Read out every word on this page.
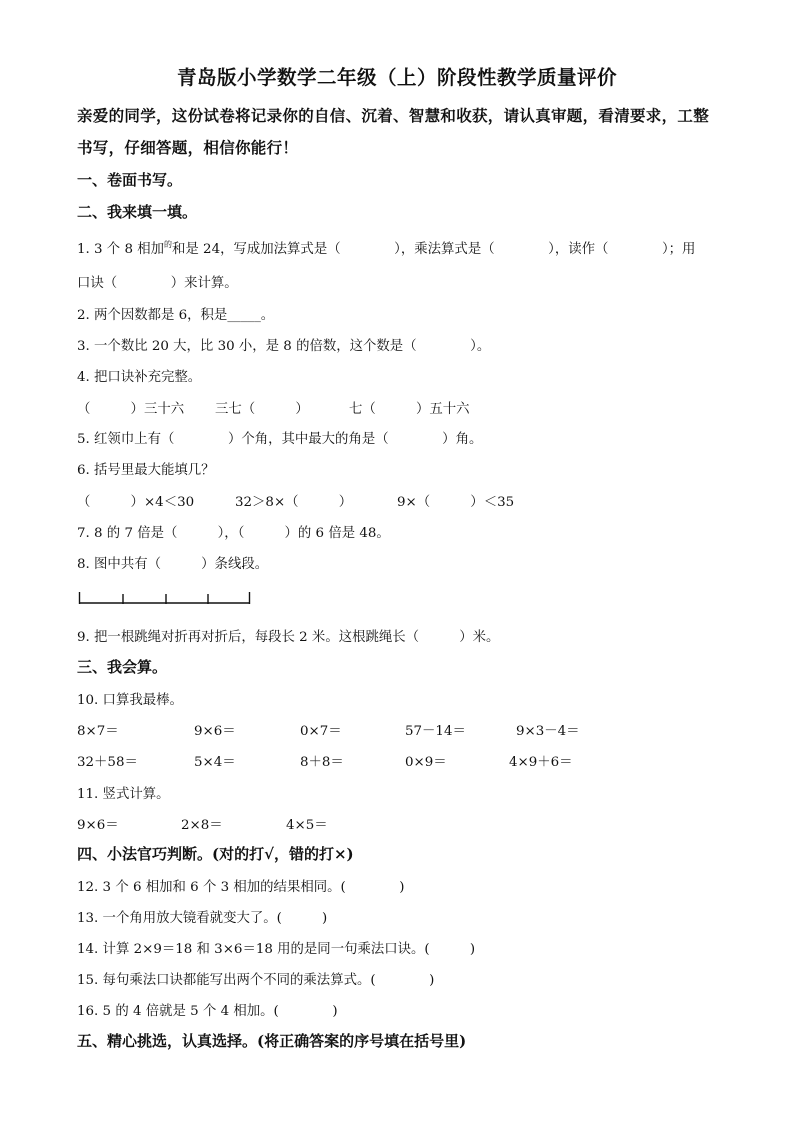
青岛版小学数学二年级（上）阶段性教学质量评价
亲爱的同学，这份试卷将记录你的自信、沉着、智慧和收获，请认真审题，看清要求，工整
书写，仔细答题，相信你能行！
一、卷面书写。
二、我来填一填。
1. 3 个 8 相加$^的$和是 24，写成加法算式是（　　　　），乘法算式是（　　　　），读作（　　　　）；用
口诀（　　　　）来计算。
2. 两个因数都是 6，积是_____。
3. 一个数比 20 大，比 30 小，是 8 的倍数，这个数是（　　　　）。
4. 把口诀补充完整。
（　　　）三十六 三七（　　　）	七（　　　）五十六
5. 红领巾上有（　　　　）个角，其中最大的角是（　　　　）角。
6. 括号里最大能填几？
（　　　）×4＜30	32＞8×（　　　）	9×（　　　）＜35
7. 8 的 7 倍是（　　　），（　　　）的 6 倍是 48。
8. 图中共有（　　　）条线段。
9. 把一根跳绳对折再对折后，每段长 2 米。这根跳绳长（　　　）米。
三、我会算。
10. 口算我最棒。
8×7＝	9×6＝	0×7＝	57－14＝	9×3－4＝
32＋58＝	5×4＝	8＋8＝	0×9＝	4×9＋6＝
11. 竖式计算。
9×6＝	2×8＝	4×5＝
四、小法官巧判断。(对的打√，错的打×)
12. 3 个 6 相加和 6 个 3 相加的结果相同。(　　　　)
13. 一个角用放大镜看就变大了。(　　　)
14. 计算 2×9＝18 和 3×6＝18 用的是同一句乘法口诀。(　　　)
15. 每句乘法口诀都能写出两个不同的乘法算式。(　　　　)
16. 5 的 4 倍就是 5 个 4 相加。(　　　　)
五、精心挑选，认真选择。(将正确答案的序号填在括号里)
